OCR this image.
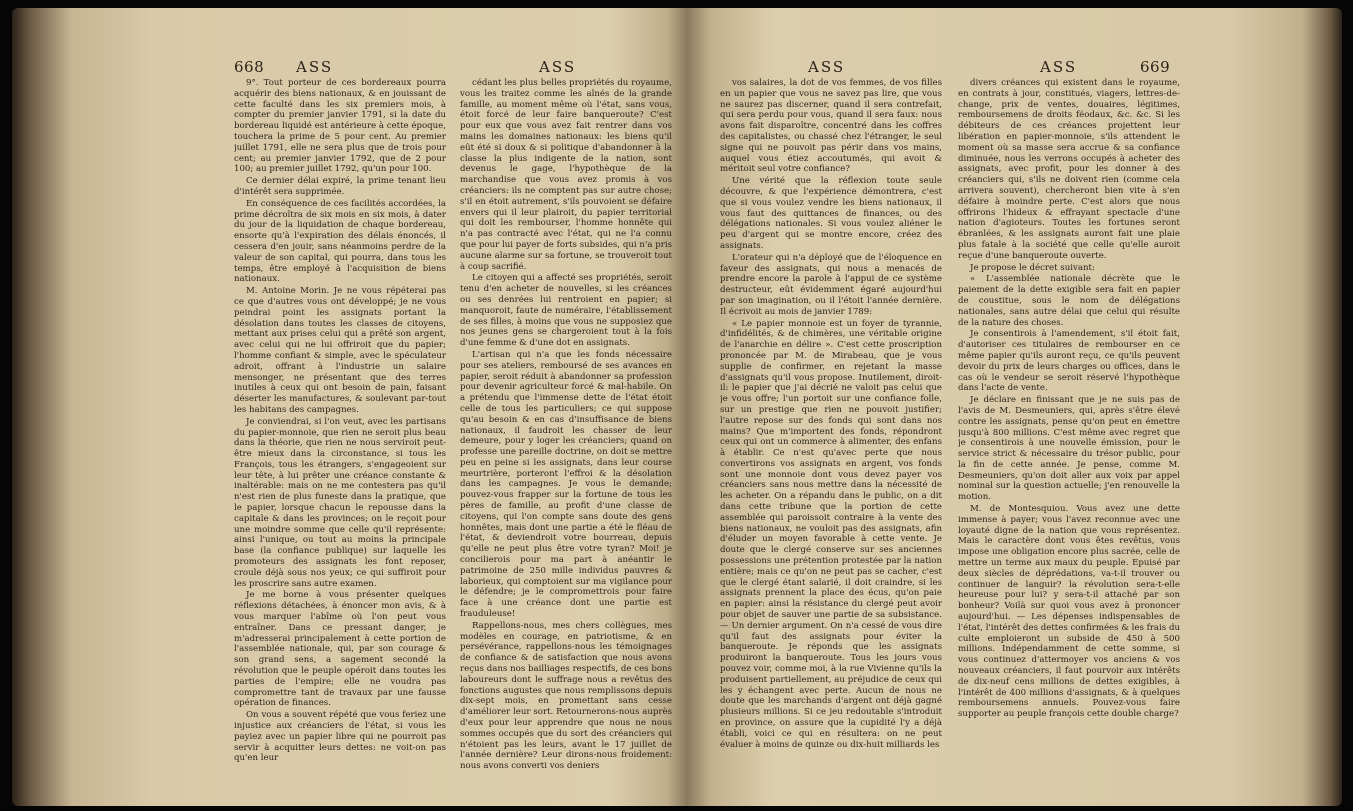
668 ASS	ASS

9°. Tout porteur de ces bordereaux pourra acquérir des biens nationaux, & en jouissant de cette faculté dans les six premiers mois, à compter du premier janvier 1791, si la date du bordereau liquidé est antérieure à cette époque, touchera la prime de 5 pour cent. Au premier juillet 1791, elle ne sera plus que de trois pour cent; au premier janvier 1792, que de 2 pour 100; au premier juillet 1792, qu'un pour 100.

Ce dernier délai expiré, la prime tenant lieu d'intérêt sera supprimée.

En conséquence de ces facilités accordées, la prime décroîtra de six mois en six mois, à dater du jour de la liquidation de chaque bordereau, ensorte qu'à l'expiration des délais énoncés, il cessera d'en jouir, sans néanmoins perdre de la valeur de son capital, qui pourra, dans tous les temps, être employé à l'acquisition de biens nationaux.

M. Antoine Morin. Je ne vous répéterai pas ce que d'autres vous ont développé; je ne vous peindrai point les assignats portant la désolation dans toutes les classes de citoyens, mettant aux prises celui qui a prêté son argent, avec celui qui ne lui offriroit que du papier; l'homme confiant & simple, avec le spéculateur adroit, offrant à l'industrie un salaire mensonger, ne présentant que des terres inutiles à ceux qui ont besoin de pain, faisant déserter les manufactures, & soulevant par-tout les habitans des campagnes.

Je conviendrai, si l'on veut, avec les partisans du papier-monnoie, que rien ne seroit plus beau dans la théorie, que rien ne nous serviroit peut-être mieux dans la circonstance, si tous les François, tous les étrangers, s'engageoient sur leur tête, à lui prêter une créance constante & inaltérable: mais on ne me contestera pas qu'il n'est rien de plus funeste dans la pratique, que le papier, lorsque chacun le repousse dans la capitale & dans les provinces; on le reçoit pour une moindre somme que celle qu'il représente: ainsi l'unique, ou tout au moins la principale base (la confiance publique) sur laquelle les promoteurs des assignats les font reposer, croule déjà sous nos yeux; ce qui suffiroit pour les proscrire sans autre examen.

Je me borne à vous présenter quelques réflexions détachées, à énoncer mon avis, & à vous marquer l'abîme où l'on peut vous entraîner. Dans ce pressant danger, je m'adresserai principalement à cette portion de l'assemblée nationale, qui, par son courage & son grand sens, a sagement secondé la révolution que le peuple opéroit dans toutes les parties de l'empire; elle ne voudra pas compromettre tant de travaux par une fausse opération de finances.

On vous a souvent répété que vous feriez une injustice aux créanciers de l'état, si vous les payiez avec un papier libre qui ne pourroit pas servir à acquitter leurs dettes: ne voit-on pas qu'en leur

cédant les plus belles propriétés du royaume, vous les traitez comme les aînés de la grande famille, au moment même où l'état, sans vous, étoit forcé de leur faire banqueroute? C'est pour eux que vous avez fait rentrer dans vos mains les domaines nationaux: les biens qu'il eût été si doux & si politique d'abandonner à la classe la plus indigente de la nation, sont devenus le gage, l'hypothèque de la marchandise que vous avez promis à vos créanciers: ils ne comptent pas sur autre chose; s'il en étoit autrement, s'ils pouvoient se défaire envers qui il leur plairoit, du papier territorial qui doit les rembourser, l'homme honnête qui n'a pas contracté avec l'état, qui ne l'a connu que pour lui payer de forts subsides, qui n'a pris aucune alarme sur sa fortune, se trouveroit tout à coup sacrifié.

Le citoyen qui a affecté ses propriétés, seroit tenu d'en acheter de nouvelles, si les créances ou ses denrées lui rentroient en papier; si manquoroit, faute de numéraire, l'établissement de ses filles, à moins que vous ne supposiez que nos jeunes gens se chargeroient tout à la fois d'une femme & d'une dot en assignats.

L'artisan qui n'a que les fonds nécessaire pour ses ateliers, remboursé de ses avances en papier, seroit réduit à abandonner sa profession pour devenir agriculteur forcé & mal-habile. On a prétendu que l'immense dette de l'état étoit celle de tous les particuliers; ce qui suppose qu'au besoin & en cas d'insuffisance de biens nationaux, il faudroit les chasser de leur demeure, pour y loger les créanciers; quand on professe une pareille doctrine, on doit se mettre peu en peine si les assignats, dans leur course meurtrière, porteront l'effroi & la désolation dans les campagnes. Je vous le demande; pouvez-vous frapper sur la fortune de tous les pères de famille, au profit d'une classe de citoyens, qui l'on compte sans doute des gens honnêtes, mais dont une partie a été le fléau de l'état, & deviendroit votre bourreau, depuis qu'elle ne peut plus être votre tyran? Moi! je concilierois pour ma part à anéantir le patrimoine de 250 mille individus pauvres & laborieux, qui comptoient sur ma vigilance pour le défendre; je le compromettrois pour faire face à une créance dont une partie est frauduleuse!

Rappellons-nous, mes chers collègues, mes modèles en courage, en patriotisme, & en persévérance, rappellons-nous les témoignages de confiance & de satisfaction que nous avons reçus dans nos bailliages respectifs, de ces bons laboureurs dont le suffrage nous a revêtus des fonctions augustes que nous remplissons depuis dix-sept mois, en promettant sans cesse d'améliorer leur sort. Retournerons-nous auprès d'eux pour leur apprendre que nous ne nous sommes occupés que du sort des créanciers qui n'étoient pas les leurs, avant le 17 juillet de l'année dernière? Leur dirons-nous froidement: nous avons converti vos deniers

ASS	ASS	669

vos salaires, la dot de vos femmes, de vos filles en un papier que vous ne savez pas lire, que vous ne saurez pas discerner, quand il sera contrefait, qui sera perdu pour vous, quand il sera faux: nous avons fait disparoître, concentré dans les coffres des capitalistes, ou chassé chez l'étranger, le seul signe qui ne pouvoit pas périr dans vos mains, auquel vous étiez accoutumés, qui avoit & méritoit seul votre confiance?

Une vérité que la réflexion toute seule découvre, & que l'expérience démontrera, c'est que si vous voulez vendre les biens nationaux, il vous faut des quittances de finances, ou des délégations nationales. Si vous voulez aliéner le peu d'argent qui se montre encore, créez des assignats.

L'orateur qui n'a déployé que de l'éloquence en faveur des assignats, qui nous a menacés de prendre encore la parole à l'appui de ce système destructeur, eût évidemment égaré aujourd'hui par son imagination, ou il l'étoit l'année dernière. Il écrivoit au mois de janvier 1789:

« Le papier monnoie est un foyer de tyrannie, d'infidélités, & de chimères, une véritable origine de l'anarchie en délire ». C'est cette proscription prononcée par M. de Mirabeau, que je vous supplie de confirmer, en rejetant la masse d'assignats qu'il vous propose. Inutilement, diroit-il: le papier que j'ai décrié ne valoit pas celui que je vous offre; l'un portoit sur une confiance folle, sur un prestige que rien ne pouvoit justifier; l'autre repose sur des fonds qui sont dans nos mains? Que m'importent des fonds, répondront ceux qui ont un commerce à alimenter, des enfans à établir. Ce n'est qu'avec perte que nous convertirons vos assignats en argent, vos fonds sont une monnoie dont vous devez payer vos créanciers sans nous mettre dans la nécessité de les acheter. On a répandu dans le public, on a dit dans cette tribune que la portion de cette assemblée qui paroissoit contraire à la vente des biens nationaux, ne vouloit pas des assignats, afin d'éluder un moyen favorable à cette vente. Je doute que le clergé conserve sur ses anciennes possessions une prétention protestée par la nation entière; mais ce qu'on ne peut pas se cacher, c'est que le clergé étant salarié, il doit craindre, si les assignats prennent la place des écus, qu'on paie en papier: ainsi la résistance du clergé peut avoir pour objet de sauver une partie de sa subsistance. — Un dernier argument. On n'a cessé de vous dire qu'il faut des assignats pour éviter la banqueroute. Je réponds que les assignats produiront la banqueroute. Tous les jours vous pouvez voir, comme moi, à la rue Vivienne qu'ils la produisent partiellement, au préjudice de ceux qui les y échangent avec perte. Aucun de nous ne doute que les marchands d'argent ont déjà gagné plusieurs millions. Si ce jeu redoutable s'introduit en province, on assure que la cupidité l'y a déjà établi, voici ce qui en résultera: on ne peut évaluer à moins de quinze ou dix-huit milliards les

divers créances qui existent dans le royaume, en contrats à jour, constitués, viagers, lettres-de-change, prix de ventes, douaires, légitimes, remboursemens de droits féodaux, &c. &c. Si les débiteurs de ces créances projettent leur libération en papier-monnoie, s'ils attendent le moment où sa masse sera accrue & sa confiance diminuée, nous les verrons occupés à acheter des assignats, avec profit, pour les donner à des créanciers qui, s'ils ne doivent rien (comme cela arrivera souvent), chercheront bien vite à s'en défaire à moindre perte. C'est alors que nous offrirons l'hideux & effrayant spectacle d'une nation d'agioteurs. Toutes les fortunes seront ébranlées, & les assignats auront fait une plaie plus fatale à la société que celle qu'elle auroit reçue d'une banqueroute ouverte.

Je propose le décret suivant:

« L'assemblée nationale décrète que le paiement de la dette exigible sera fait en papier de coustitue, sous le nom de délégations nationales, sans autre délai que celui qui résulte de la nature des choses.

Je consentirois à l'amendement, s'il étoit fait, d'autoriser ces titulaires de rembourser en ce même papier qu'ils auront reçu, ce qu'ils peuvent devoir du prix de leurs charges ou offices, dans le cas où le vendeur se seroit réservé l'hypothèque dans l'acte de vente.

Je déclare en finissant que je ne suis pas de l'avis de M. Desmeuniers, qui, après s'être élevé contre les assignats, pense qu'on peut en émettre jusqu'à 800 millions. C'est même avec regret que je consentirois à une nouvelle émission, pour le service strict & nécessaire du trésor public, pour la fin de cette année. Je pense, comme M. Desmeuniers, qu'on doit aller aux voix par appel nominal sur la question actuelle; j'en renouvelle la motion.

M. de Montesquiou. Vous avez une dette immense à payer; vous l'avez reconnue avec une loyauté digne de la nation que vous représentez. Mais le caractère dont vous êtes revêtus, vous impose une obligation encore plus sacrée, celle de mettre un terme aux maux du peuple. Epuisé par deux siècles de déprédations, va-t-il trouver ou continuer de languir? la révolution sera-t-elle heureuse pour lui? y sera-t-il attaché par son bonheur? Voilà sur quoi vous avez à prononcer aujourd'hui. — Les dépenses indispensables de l'état, l'intérêt des dettes confirmées & les frais du culte emploieront un subside de 450 à 500 millions. Indépendamment de cette somme, si vous continuez d'attermoyer vos anciens & vos nouveaux créanciers, il faut pourvoir aux intérêts de dix-neuf cens millions de dettes exigibles, à l'intérêt de 400 millions d'assignats, & à quelques remboursemens annuels. Pouvez-vous faire supporter au peuple françois cette double charge?
